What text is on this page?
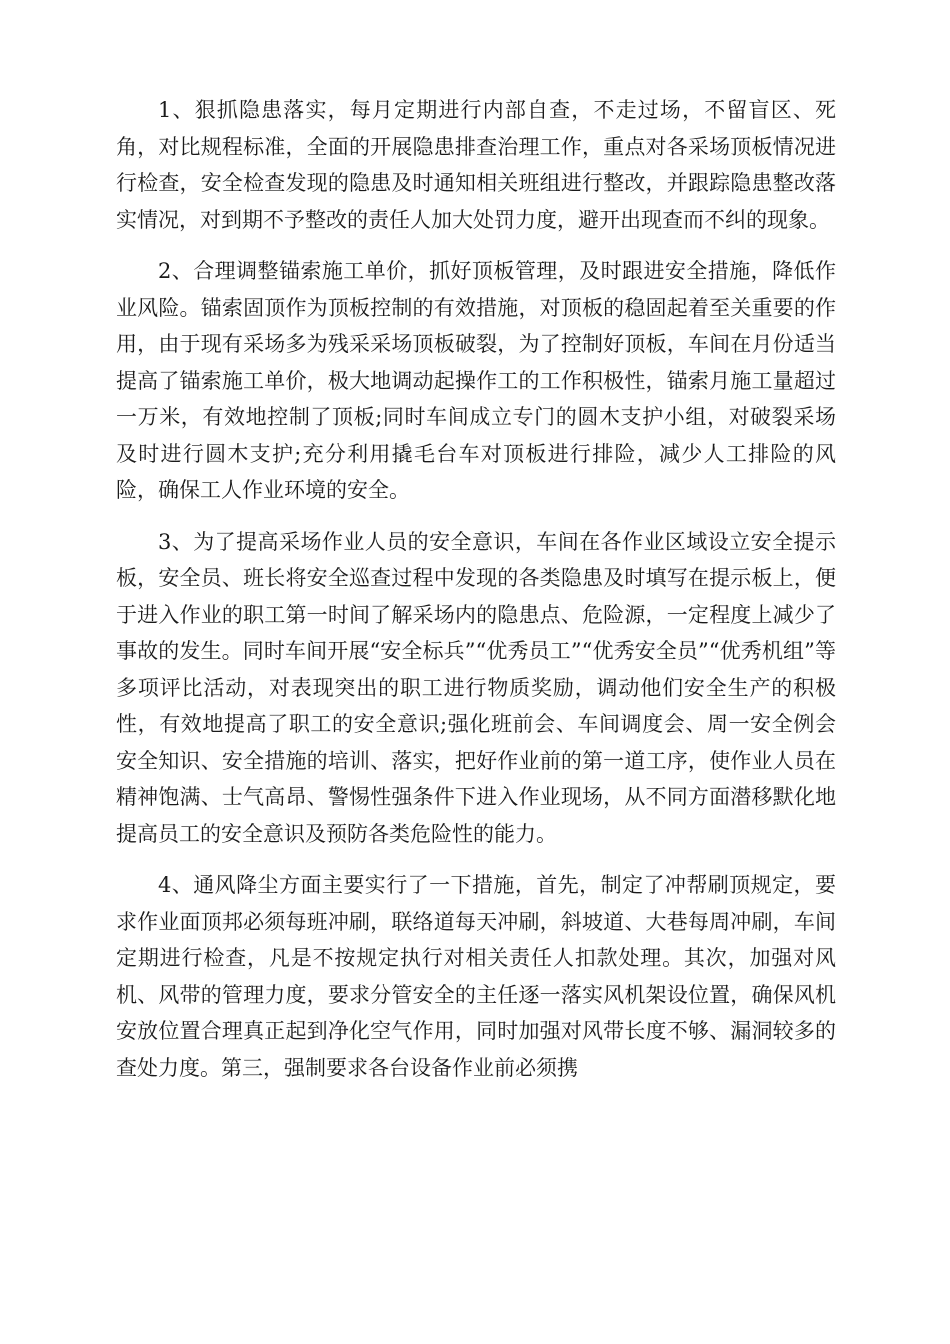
1、狠抓隐患落实，每月定期进行内部自查，不走过场，不留盲区、死角，对比规程标准，全面的开展隐患排查治理工作，重点对各采场顶板情况进行检查，安全检查发现的隐患及时通知相关班组进行整改，并跟踪隐患整改落实情况，对到期不予整改的责任人加大处罚力度，避开出现查而不纠的现象。

2、合理调整锚索施工单价，抓好顶板管理，及时跟进安全措施，降低作业风险。锚索固顶作为顶板控制的有效措施，对顶板的稳固起着至关重要的作用，由于现有采场多为残采采场顶板破裂，为了控制好顶板，车间在月份适当提高了锚索施工单价，极大地调动起操作工的工作积极性，锚索月施工量超过一万米，有效地控制了顶板;同时车间成立专门的圆木支护小组，对破裂采场及时进行圆木支护;充分利用撬毛台车对顶板进行排险，减少人工排险的风险，确保工人作业环境的安全。

3、为了提高采场作业人员的安全意识，车间在各作业区域设立安全提示板，安全员、班长将安全巡查过程中发现的各类隐患及时填写在提示板上，便于进入作业的职工第一时间了解采场内的隐患点、危险源，一定程度上减少了事故的发生。同时车间开展“安全标兵”“优秀员工”“优秀安全员”“优秀机组”等多项评比活动，对表现突出的职工进行物质奖励，调动他们安全生产的积极性，有效地提高了职工的安全意识;强化班前会、车间调度会、周一安全例会安全知识、安全措施的培训、落实，把好作业前的第一道工序，使作业人员在精神饱满、士气高昂、警惕性强条件下进入作业现场，从不同方面潜移默化地提高员工的安全意识及预防各类危险性的能力。

4、通风降尘方面主要实行了一下措施，首先，制定了冲帮刷顶规定，要求作业面顶邦必须每班冲刷，联络道每天冲刷，斜坡道、大巷每周冲刷，车间定期进行检查，凡是不按规定执行对相关责任人扣款处理。其次，加强对风机、风带的管理力度，要求分管安全的主任逐一落实风机架设位置，确保风机安放位置合理真正起到净化空气作用，同时加强对风带长度不够、漏洞较多的查处力度。第三，强制要求各台设备作业前必须携
